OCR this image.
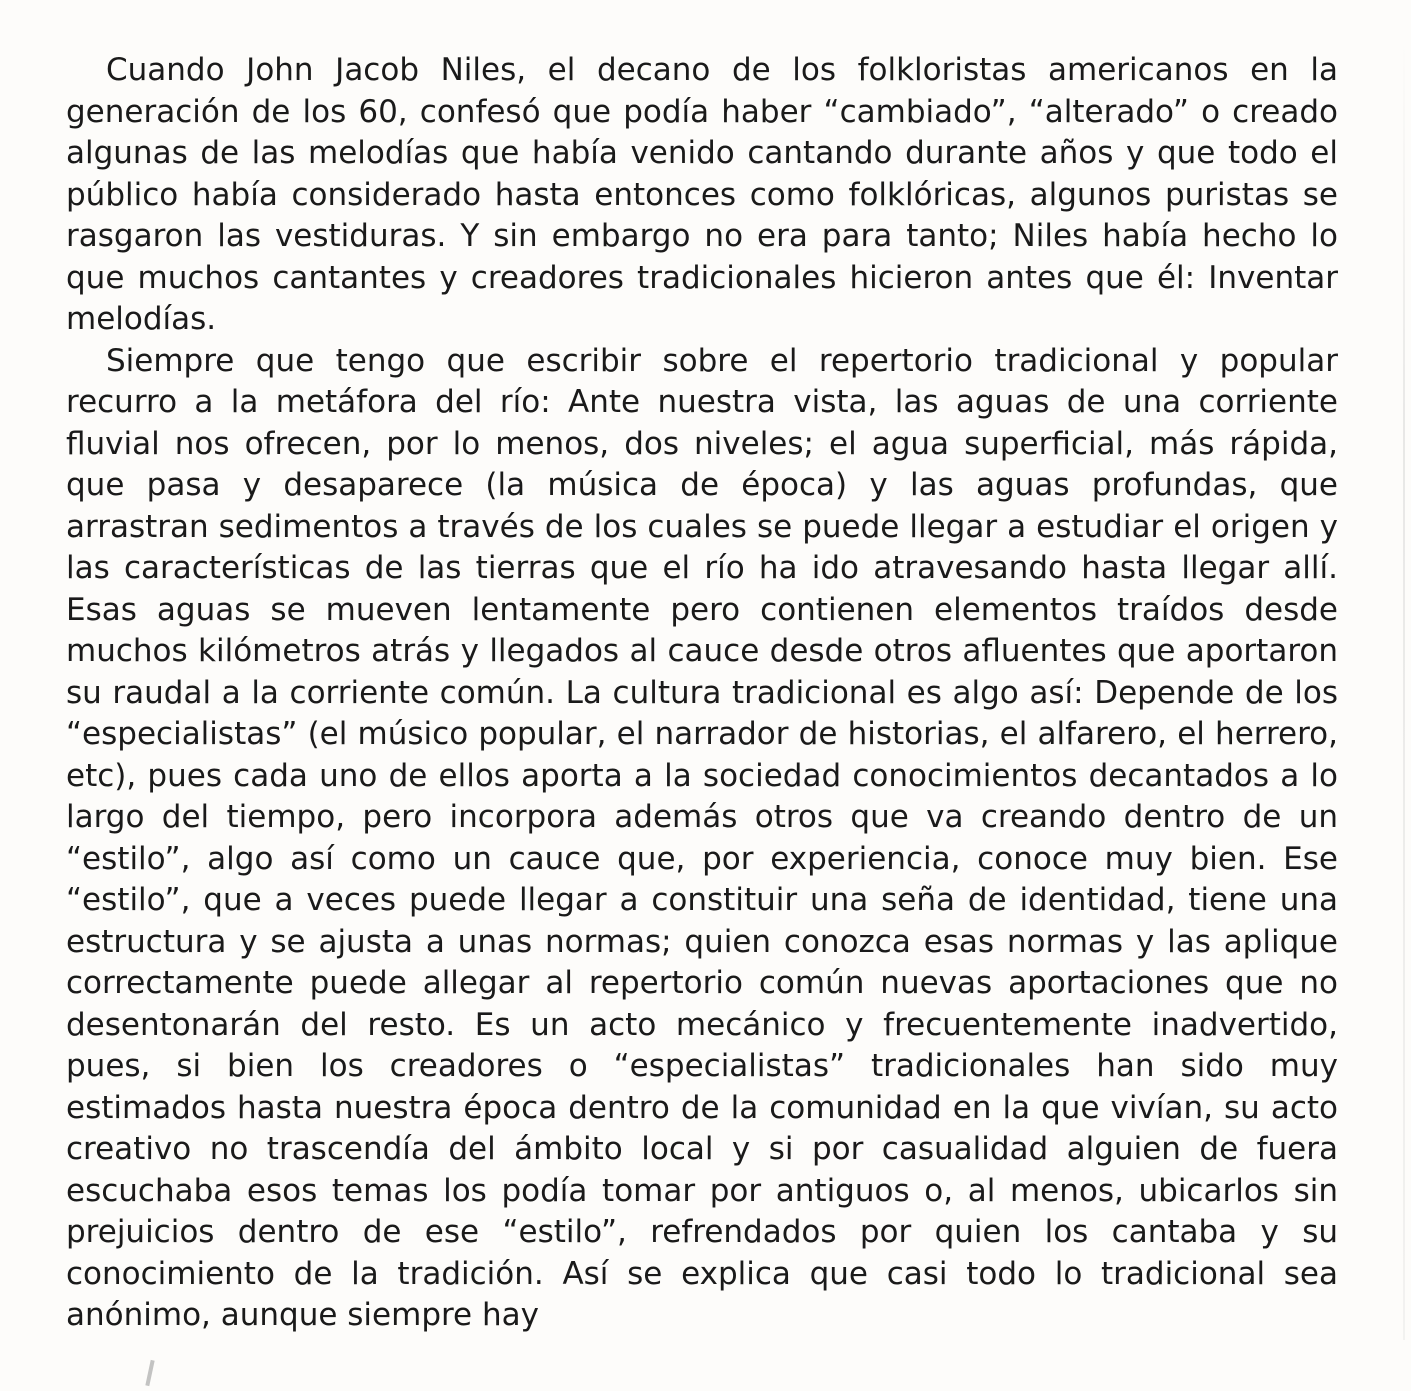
Cuando John Jacob Niles, el decano de los folkloristas americanos en la generación de los 60, confesó que podía haber “cambiado”, “alterado” o creado algunas de las melodías que había venido cantando durante años y que todo el público había considerado hasta entonces como folklóricas, algunos puristas se rasgaron las vestiduras. Y sin embargo no era para tanto; Niles había hecho lo que muchos cantantes y creadores tradicionales hicieron antes que él: Inventar melodías.

Siempre que tengo que escribir sobre el repertorio tradicional y popular recurro a la metáfora del río: Ante nuestra vista, las aguas de una corriente fluvial nos ofrecen, por lo menos, dos niveles; el agua superficial, más rápida, que pasa y desaparece (la música de época) y las aguas profundas, que arrastran sedimentos a través de los cuales se puede llegar a estudiar el origen y las características de las tierras que el río ha ido atravesando hasta llegar allí. Esas aguas se mueven lentamente pero contienen elementos traídos desde muchos kilómetros atrás y llegados al cauce desde otros afluentes que aportaron su raudal a la corriente común. La cultura tradicional es algo así: Depende de los “especialistas” (el músico popular, el narrador de historias, el alfarero, el herrero, etc), pues cada uno de ellos aporta a la sociedad conocimientos decantados a lo largo del tiempo, pero incorpora además otros que va creando dentro de un “estilo”, algo así como un cauce que, por experiencia, conoce muy bien. Ese “estilo”, que a veces puede llegar a constituir una seña de identidad, tiene una estructura y se ajusta a unas normas; quien conozca esas normas y las aplique correctamente puede allegar al repertorio común nuevas aportaciones que no desentonarán del resto. Es un acto mecánico y frecuentemente inadvertido, pues, si bien los creadores o “especialistas” tradicionales han sido muy estimados hasta nuestra época dentro de la comunidad en la que vivían, su acto creativo no trascendía del ámbito local y si por casualidad alguien de fuera escuchaba esos temas los podía tomar por antiguos o, al menos, ubicarlos sin prejuicios dentro de ese “estilo”, refrendados por quien los cantaba y su conocimiento de la tradición. Así se explica que casi todo lo tradicional sea anónimo, aunque siempre hay
